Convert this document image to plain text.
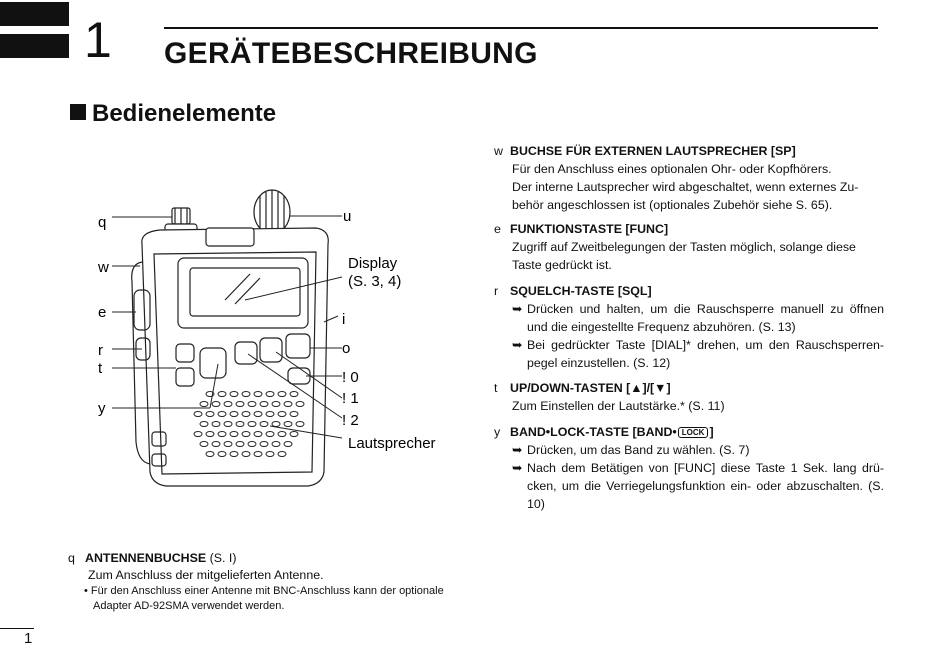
1 GERÄTEBESCHREIBUNG
Bedienelemente
q
w
e
r
t
y
u
Display
(S. 3, 4)
i
o
! 0
! 1
! 2
Lautsprecher
w BUCHSE FÜR EXTERNEN LAUTSPRECHER [SP]
Für den Anschluss eines optionalen Ohr- oder Kopfhörers.
Der interne Lautsprecher wird abgeschaltet, wenn externes Zu-
behör angeschlossen ist (optionales Zubehör siehe S. 65).
e FUNKTIONSTASTE [FUNC]
Zugriff auf Zweitbelegungen der Tasten möglich, solange diese
Taste gedrückt ist.
r SQUELCH-TASTE [SQL]
➥ Drücken und halten, um die Rauschsperre manuell zu öffnen und die eingestellte Frequenz abzuhören. (S. 13)
➥ Bei gedrückter Taste [DIAL]* drehen, um den Rauschsperren-pegel einzustellen. (S. 12)
t UP/DOWN-TASTEN [▲]/[▼]
Zum Einstellen der Lautstärke.* (S. 11)
y BAND•LOCK-TASTE [BAND• LOCK ]
➥ Drücken, um das Band zu wählen. (S. 7)
➥ Nach dem Betätigen von [FUNC] diese Taste 1 Sek. lang drü-cken, um die Verriegelungsfunktion ein- oder abzuschalten. (S. 10)
q ANTENNENBUCHSE (S. I)
Zum Anschluss der mitgelieferten Antenne.
• Für den Anschluss einer Antenne mit BNC-Anschluss kann der optionale Adapter AD-92SMA verwendet werden.
1
